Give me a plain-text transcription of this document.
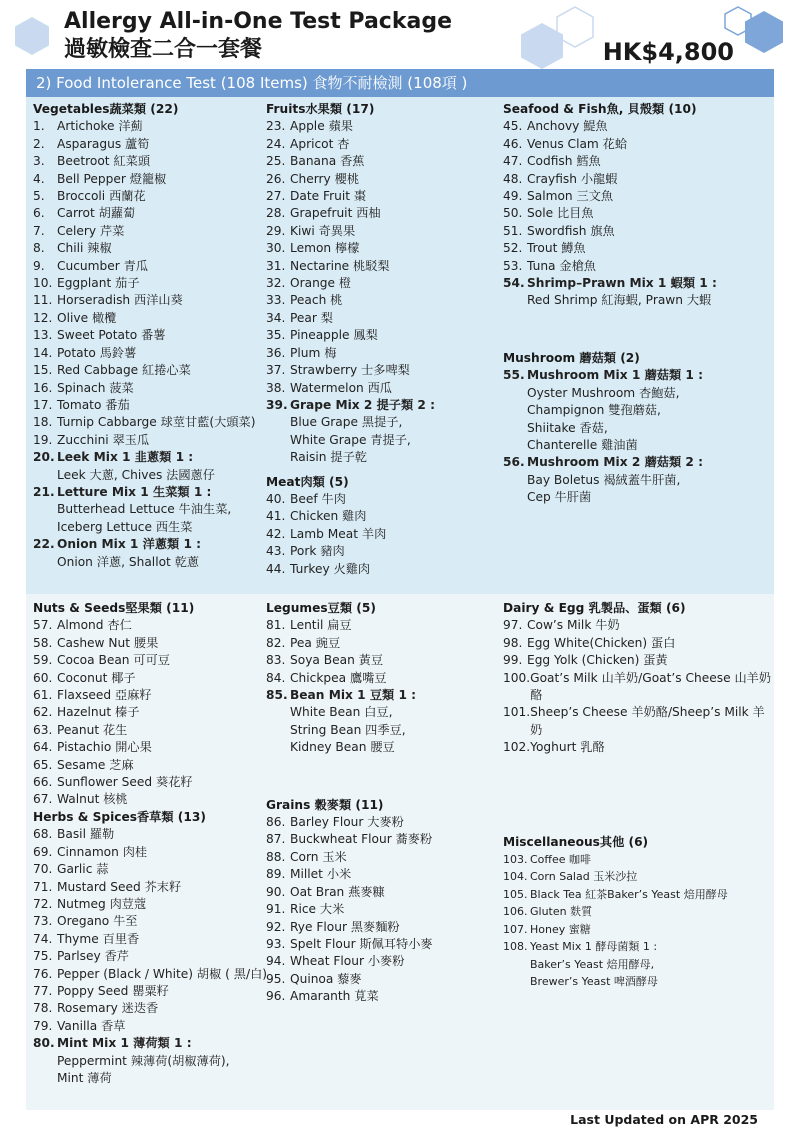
Allergy All-in-One Test Package
過敏檢查二合一套餐	HK$4,800
2) Food Intolerance Test (108 Items) 食物不耐檢測 (108項 )
Vegetables蔬菜類 (22)
1.	Artichoke 洋薊
2.	Asparagus 蘆筍
3.	Beetroot 紅菜頭
4.	Bell Pepper 燈籠椒
5.	Broccoli 西蘭花
6.	Carrot 胡蘿蔔
7.	Celery 芹菜
8.	Chili 辣椒
9.	Cucumber 青瓜
10. Eggplant 茄子
11. Horseradish 西洋山葵
12. Olive 橄欖
13. Sweet Potato 番薯
14. Potato 馬鈴薯
15. Red Cabbage 紅捲心菜
16. Spinach 菠菜
17. Tomato 番茄
18. Turnip Cabbarge 球莖甘藍(大頭菜)
19. Zucchini 翠玉瓜
20. Leek Mix 1 韭蔥類 1 :
Leek 大蔥, Chives 法國蔥仔
21. Letture Mix 1 生菜類 1 :
Butterhead Lettuce 牛油生菜,
Iceberg Lettuce 西生菜
22. Onion Mix 1 洋蔥類 1 :
Onion 洋蔥, Shallot 乾蔥
Fruits水果類 (17)
23. Apple 蘋果
24. Apricot 杏
25. Banana 香蕉
26. Cherry 櫻桃
27. Date Fruit 棗
28. Grapefruit 西柚
29. Kiwi 奇異果
30. Lemon 檸檬
31. Nectarine 桃駁梨
32. Orange 橙
33. Peach 桃
34. Pear 梨
35. Pineapple 鳳梨
36. Plum 梅
37. Strawberry 士多啤梨
38. Watermelon 西瓜
39. Grape Mix 2 提子類 2 :
Blue Grape 黑提子,
White Grape 青提子,
Raisin 提子乾
Meat肉類 (5)
40. Beef 牛肉
41. Chicken 雞肉
42. Lamb Meat 羊肉
43. Pork 豬肉
44. Turkey 火雞肉
Seafood & Fish魚, 貝殼類 (10)
45. Anchovy 鯷魚
46. Venus Clam 花蛤
47. Codfish 鱈魚
48. Crayfish 小龍蝦
49. Salmon 三文魚
50. Sole 比目魚
51. Swordfish 旗魚
52. Trout 鱒魚
53. Tuna 金槍魚
54. Shrimp–Prawn Mix 1 蝦類 1 :
Red Shrimp 紅海蝦, Prawn 大蝦
Mushroom 蘑菇類 (2)
55. Mushroom Mix 1 蘑菇類 1 :
Oyster Mushroom 杏鮑菇,
Champignon 雙孢蘑菇,
Shiitake 香菇,
Chanterelle 雞油菌
56. Mushroom Mix 2 蘑菇類 2 :
Bay Boletus 褐絨蓋牛肝菌,
Cep 牛肝菌
Nuts & Seeds堅果類 (11)
57. Almond 杏仁
58. Cashew Nut 腰果
59. Cocoa Bean 可可豆
60. Coconut 椰子
61. Flaxseed 亞麻籽
62. Hazelnut 榛子
63. Peanut 花生
64. Pistachio 開心果
65. Sesame 芝麻
66. Sunflower Seed 葵花籽
67. Walnut 核桃
Herbs & Spices香草類 (13)
68. Basil 羅勒
69. Cinnamon 肉桂
70. Garlic 蒜
71. Mustard Seed 芥末籽
72. Nutmeg 肉荳蔻
73. Oregano 牛至
74. Thyme 百里香
75. Parlsey 香芹
76. Pepper (Black / White) 胡椒 ( 黑/白)
77. Poppy Seed 罌粟籽
78. Rosemary 迷迭香
79. Vanilla 香草
80. Mint Mix 1 薄荷類 1 :
Peppermint 辣薄荷(胡椒薄荷),
Mint 薄荷
Legumes豆類 (5)
81. Lentil 扁豆
82. Pea 豌豆
83. Soya Bean 黃豆
84. Chickpea 鷹嘴豆
85. Bean Mix 1 豆類 1 :
White Bean 白豆,
String Bean 四季豆,
Kidney Bean 腰豆
Grains 穀麥類 (11)
86. Barley Flour 大麥粉
87. Buckwheat Flour 蕎麥粉
88. Corn 玉米
89. Millet 小米
90. Oat Bran 燕麥糠
91. Rice 大米
92. Rye Flour 黑麥麵粉
93. Spelt Flour 斯佩耳特小麥
94. Wheat Flour 小麥粉
95. Quinoa 藜麥
96. Amaranth 莧菜
Dairy & Egg 乳製品、蛋類 (6)
97. Cow’s Milk 牛奶
98. Egg White(Chicken) 蛋白
99. Egg Yolk (Chicken) 蛋黃
100. Goat’s Milk 山羊奶/Goat’s Cheese 山羊奶酪
101. Sheep’s Cheese 羊奶酪/Sheep’s Milk 羊奶
102. Yoghurt 乳酪
Miscellaneous其他 (6)
103. Coffee 咖啡
104. Corn Salad 玉米沙拉
105. Black Tea 紅茶Baker’s Yeast 焙用酵母
106. Gluten 麩質
107. Honey 蜜糖
108. Yeast Mix 1 酵母菌類 1 :
Baker’s Yeast 焙用酵母,
Brewer’s Yeast 啤酒酵母
Last Updated on APR 2025
